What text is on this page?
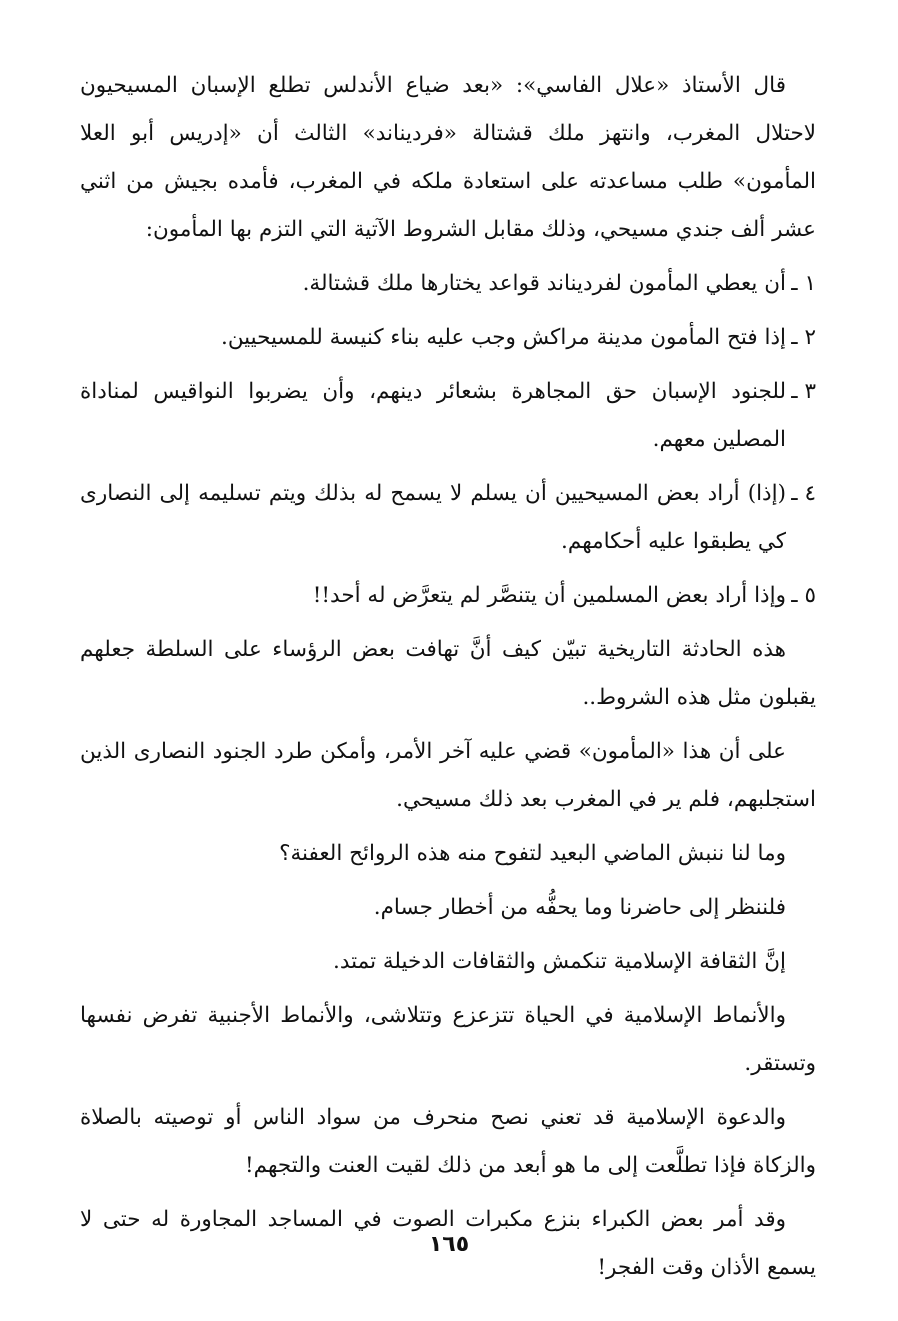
قال الأستاذ «علال الفاسي»: «بعد ضياع الأندلس تطلع الإسبان المسيحيون لاحتلال المغرب، وانتهز ملك قشتالة «فرديناند» الثالث أن «إدريس أبو العلا المأمون» طلب مساعدته على استعادة ملكه في المغرب، فأمده بجيش من اثني عشر ألف جندي مسيحي، وذلك مقابل الشروط الآتية التي التزم بها المأمون:

١ ـأن يعطي المأمون لفرديناند قواعد يختارها ملك قشتالة.
٢ ـإذا فتح المأمون مدينة مراكش وجب عليه بناء كنيسة للمسيحيين.
٣ ـللجنود الإسبان حق المجاهرة بشعائر دينهم، وأن يضربوا النواقيس لمناداة المصلين معهم.
٤ ـ(إذا) أراد بعض المسيحيين أن يسلم لا يسمح له بذلك ويتم تسليمه إلى النصارى كي يطبقوا عليه أحكامهم.
٥ ـوإذا أراد بعض المسلمين أن يتنصَّر لم يتعرَّض له أحد!!

هذه الحادثة التاريخية تبيّن كيف أنَّ تهافت بعض الرؤساء على السلطة جعلهم يقبلون مثل هذه الشروط..

على أن هذا «المأمون» قضي عليه آخر الأمر، وأمكن طرد الجنود النصارى الذين استجلبهم، فلم ير في المغرب بعد ذلك مسيحي.

وما لنا ننبش الماضي البعيد لتفوح منه هذه الروائح العفنة؟

فلننظر إلى حاضرنا وما يحفُّه من أخطار جسام.

إنَّ الثقافة الإسلامية تنكمش والثقافات الدخيلة تمتد.

والأنماط الإسلامية في الحياة تتزعزع وتتلاشى، والأنماط الأجنبية تفرض نفسها وتستقر.

والدعوة الإسلامية قد تعني نصح منحرف من سواد الناس أو توصيته بالصلاة والزكاة فإذا تطلَّعت إلى ما هو أبعد من ذلك لقيت العنت والتجهم!

وقد أمر بعض الكبراء بنزع مكبرات الصوت في المساجد المجاورة له حتى لا يسمع الأذان وقت الفجر!

١٦٥
